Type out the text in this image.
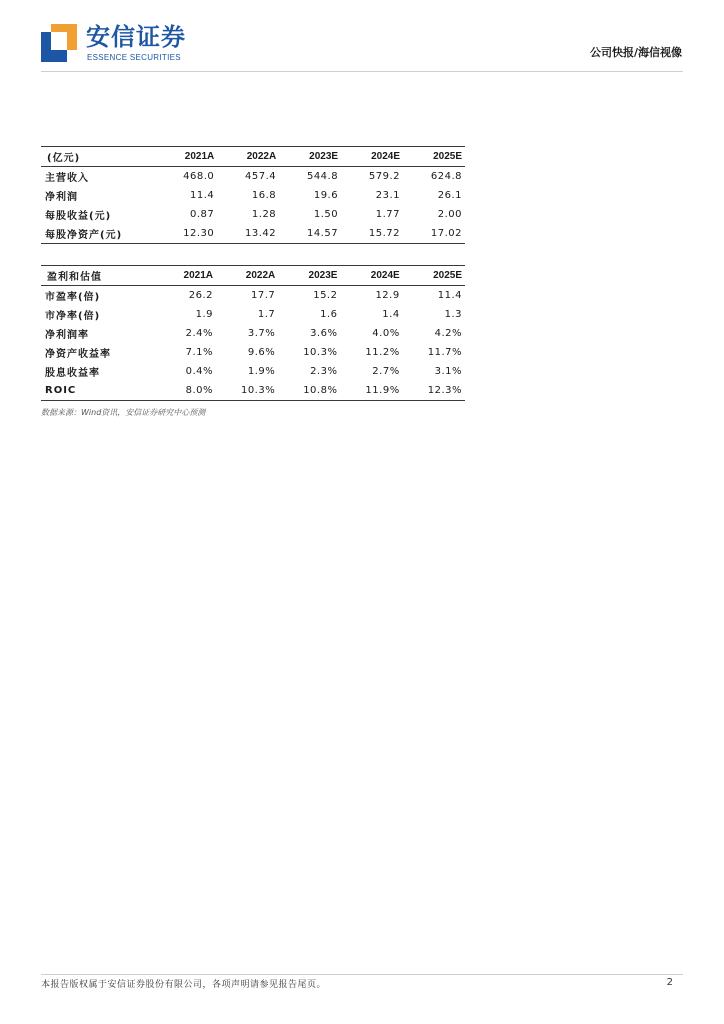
安信证券
ESSENCE SECURITIES	公司快报/海信视像
(亿元)	2021A	2022A	2023E	2024E	2025E
主营收入	468.0	457.4	544.8	579.2	624.8
净利润	11.4	16.8	19.6	23.1	26.1
每股收益(元)	0.87	1.28	1.50	1.77	2.00
每股净资产(元)	12.30	13.42	14.57	15.72	17.02
盈利和估值	2021A	2022A	2023E	2024E	2025E
市盈率(倍)	26.2	17.7	15.2	12.9	11.4
市净率(倍)	1.9	1.7	1.6	1.4	1.3
净利润率	2.4%	3.7%	3.6%	4.0%	4.2%
净资产收益率	7.1%	9.6%	10.3%	11.2%	11.7%
股息收益率	0.4%	1.9%	2.3%	2.7%	3.1%
ROIC	8.0%	10.3%	10.8%	11.9%	12.3%
数据来源：Wind资讯，安信证券研究中心预测
本报告版权属于安信证券股份有限公司，各项声明请参见报告尾页。	2
